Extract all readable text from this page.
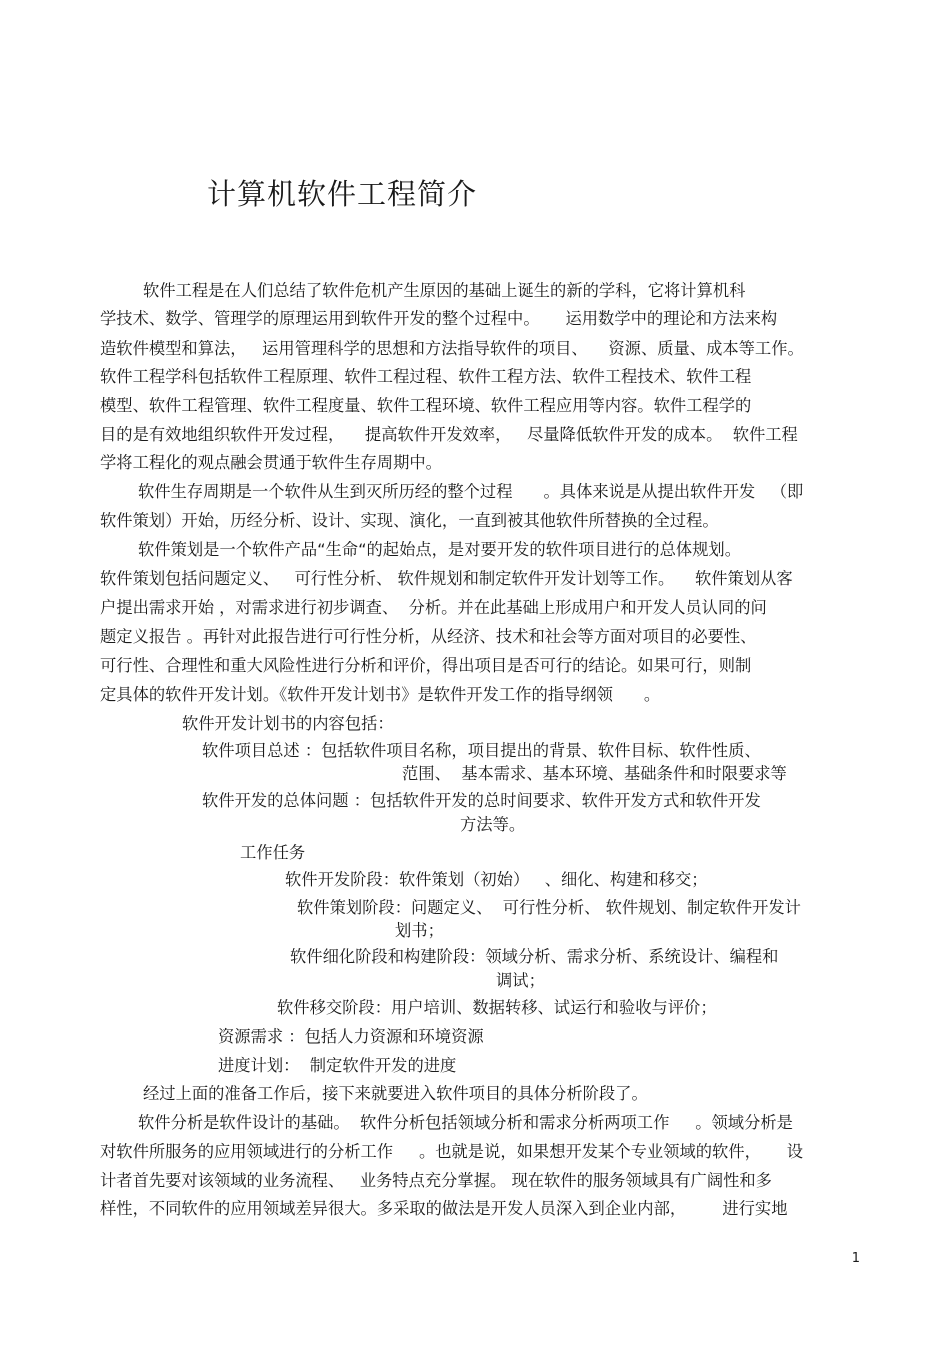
计算机软件工程简介
软件工程是在人们总结了软件危机产生原因的基础上诞生的新的学科，它将计算机科
学技术、数学、管理学的原理运用到软件开发的整个过程中。     运用数学中的理论和方法来构
造软件模型和算法，   运用管理科学的思想和方法指导软件的项目、    资源、质量、成本等工作。
软件工程学科包括软件工程原理、软件工程过程、软件工程方法、软件工程技术、软件工程
模型、软件工程管理、软件工程度量、软件工程环境、软件工程应用等内容。软件工程学的
目的是有效地组织软件开发过程，    提高软件开发效率，   尽量降低软件开发的成本。  软件工程
学将工程化的观点融会贯通于软件生存周期中。
软件生存周期是一个软件从生到灭所历经的整个过程      。具体来说是从提出软件开发   （即
软件策划）开始，历经分析、设计、实现、演化，一直到被其他软件所替换的全过程。
软件策划是一个软件产品“生命“的起始点，是对要开发的软件项目进行的总体规划。
软件策划包括问题定义、   可行性分析、 软件规划和制定软件开发计划等工作。    软件策划从客
户提出需求开始 ，对需求进行初步调查、  分析。并在此基础上形成用户和开发人员认同的问
题定义报告 。再针对此报告进行可行性分析，从经济、技术和社会等方面对项目的必要性、
可行性、合理性和重大风险性进行分析和评价，得出项目是否可行的结论。如果可行，则制
定具体的软件开发计划。《软件开发计划书》是软件开发工作的指导纲领      。
软件开发计划书的内容包括：
软件项目总述 ：包括软件项目名称，项目提出的背景、软件目标、软件性质、
范围、  基本需求、基本环境、基础条件和时限要求等
软件开发的总体问题 ：包括软件开发的总时间要求、软件开发方式和软件开发
方法等。
工作任务
软件开发阶段：软件策划（初始）   、细化、构建和移交；
软件策划阶段：问题定义、  可行性分析、 软件规划、制定软件开发计
划书；
软件细化阶段和构建阶段：领域分析、需求分析、系统设计、编程和
调试；
软件移交阶段：用户培训、数据转移、试运行和验收与评价；
资源需求 ：包括人力资源和环境资源
进度计划：  制定软件开发的进度
经过上面的准备工作后，接下来就要进入软件项目的具体分析阶段了。
软件分析是软件设计的基础。  软件分析包括领域分析和需求分析两项工作     。领域分析是
对软件所服务的应用领域进行的分析工作     。也就是说，如果想开发某个专业领域的软件，     设
计者首先要对该领域的业务流程、   业务特点充分掌握。 现在软件的服务领域具有广阔性和多
样性，不同软件的应用领域差异很大。多采取的做法是开发人员深入到企业内部，       进行实地
1
